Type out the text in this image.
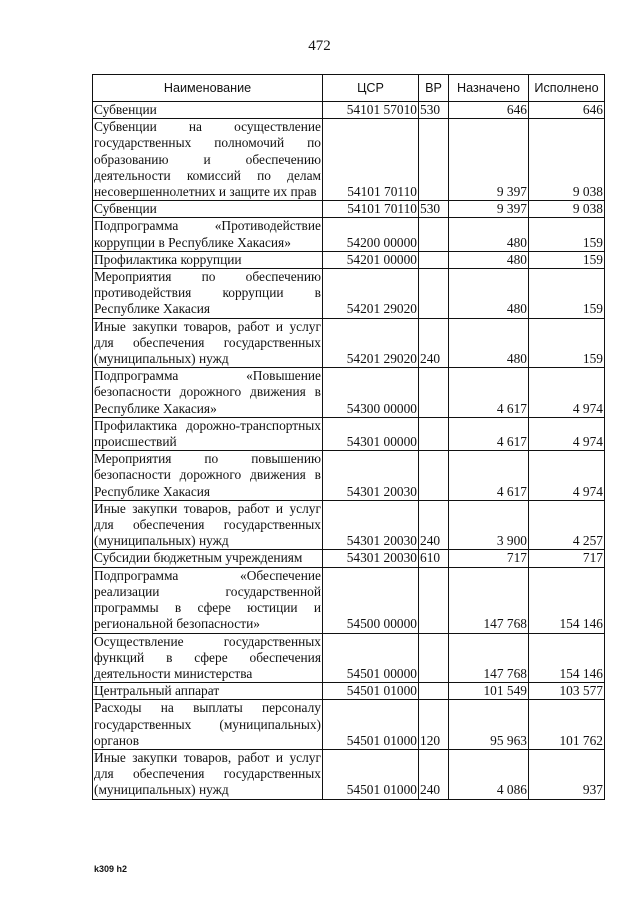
472
Наименование	ЦСР	ВР	Назначено	Исполнено
Субвенции	54101 57010	530	646	646
Субвенции на осуществление государственных полномочий по образованию и обеспечению деятельности комиссий по делам несовершеннолетних и защите их прав	54101 70110		9 397	9 038
Субвенции	54101 70110	530	9 397	9 038
Подпрограмма «Противодействие коррупции в Республике Хакасия»	54200 00000		480	159
Профилактика коррупции	54201 00000		480	159
Мероприятия по обеспечению противодействия коррупции в Республике Хакасия	54201 29020		480	159
Иные закупки товаров, работ и услуг для обеспечения государственных (муниципальных) нужд	54201 29020	240	480	159
Подпрограмма «Повышение безопасности дорожного движения в Республике Хакасия»	54300 00000		4 617	4 974
Профилактика дорожно-транспортных происшествий	54301 00000		4 617	4 974
Мероприятия по повышению безопасности дорожного движения в Республике Хакасия	54301 20030		4 617	4 974
Иные закупки товаров, работ и услуг для обеспечения государственных (муниципальных) нужд	54301 20030	240	3 900	4 257
Субсидии бюджетным учреждениям	54301 20030	610	717	717
Подпрограмма «Обеспечение реализации государственной программы в сфере юстиции и региональной безопасности»	54500 00000		147 768	154 146
Осуществление государственных функций в сфере обеспечения деятельности министерства	54501 00000		147 768	154 146
Центральный аппарат	54501 01000		101 549	103 577
Расходы на выплаты персоналу государственных (муниципальных) органов	54501 01000	120	95 963	101 762
Иные закупки товаров, работ и услуг для обеспечения государственных (муниципальных) нужд	54501 01000	240	4 086	937
k309 h2
